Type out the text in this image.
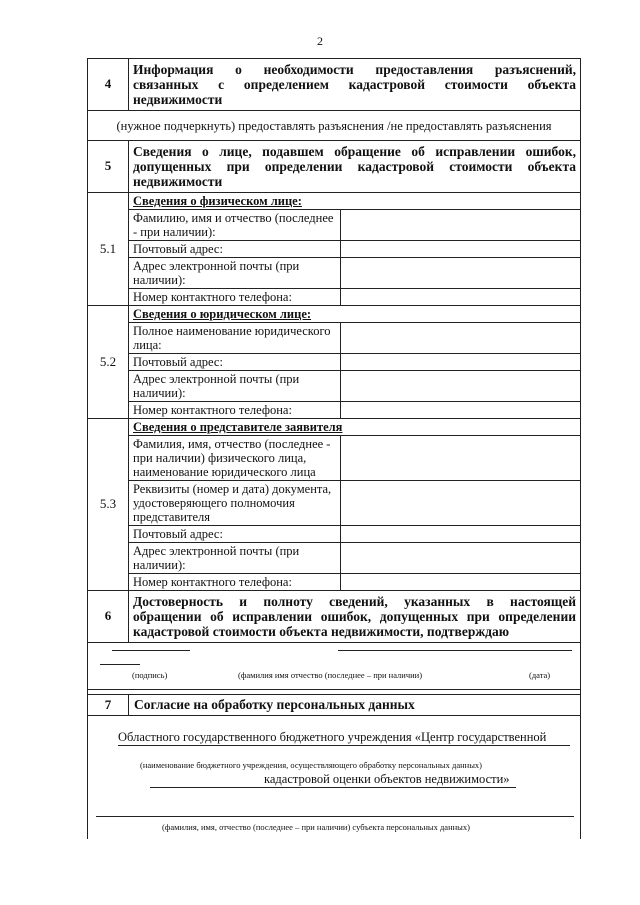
2
4	Информация о необходимости предоставления разъяснений,
связанных с определением кадастровой стоимости объекта
недвижимости	
(нужное подчеркнуть) предоставлять разъяснения /не предоставлять разъяснения		
5	Сведения о лице, подавшем обращение об исправлении ошибок,
допущенных при определении кадастровой стоимости объекта
недвижимости	
5.1	Сведения о физическом лице:	
	Фамилию, имя и отчество (последнее - при наличии):	
	Почтовый адрес:	
	Адрес электронной почты (при наличии):	
	Номер контактного телефона:	
5.2	Сведения о юридическом лице:	
	Полное наименование юридического лица:	
	Почтовый адрес:	
	Адрес электронной почты (при наличии):	
	Номер контактного телефона:	
5.3	Сведения о представителе заявителя	
	Фамилия, имя, отчество (последнее - при наличии) физического лица, наименование юридического лица	
	Реквизиты (номер и дата) документа, удостоверяющего полномочия представителя	
	Почтовый адрес:	
	Адрес электронной почты (при наличии):	
	Номер контактного телефона:	
6	Достоверность и полноту сведений, указанных в настоящей
обращении об исправлении ошибок, допущенных при определении
кадастровой стоимости объекта недвижимости, подтверждаю	
(подпись)	(фамилия имя отчество (последнее – при наличии)	(дата)
7	Согласие на обработку персональных данных
Областного государственного бюджетного учреждения «Центр государственной
(наименование бюджетного учреждения, осуществляющего обработку персональных данных)
кадастровой оценки объектов недвижимости»
(фамилия, имя, отчество (последнее – при наличии) субъекта персональных данных)
